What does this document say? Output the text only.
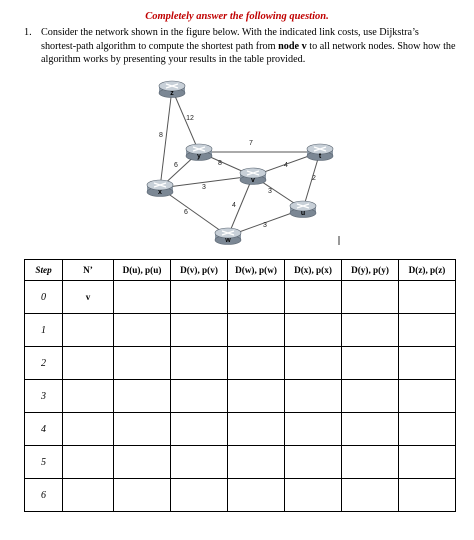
Completely answer the following question.
1. Consider the network shown in the figure below. With the indicated link costs, use Dijkstra’s shortest-path algorithm to compute the shortest path from node v to all network nodes. Show how the algorithm works by presenting your results in the table provided.
12
8
6
7
8
3
6
4
4
3
2
3
z
y
x
v
w
t
u
Step	N’	D(u), p(u)	D(v), p(v)	D(w), p(w)	D(x), p(x)	D(y), p(y)	D(z), p(z)
0	v						
1							
2							
3							
4							
5							
6							
